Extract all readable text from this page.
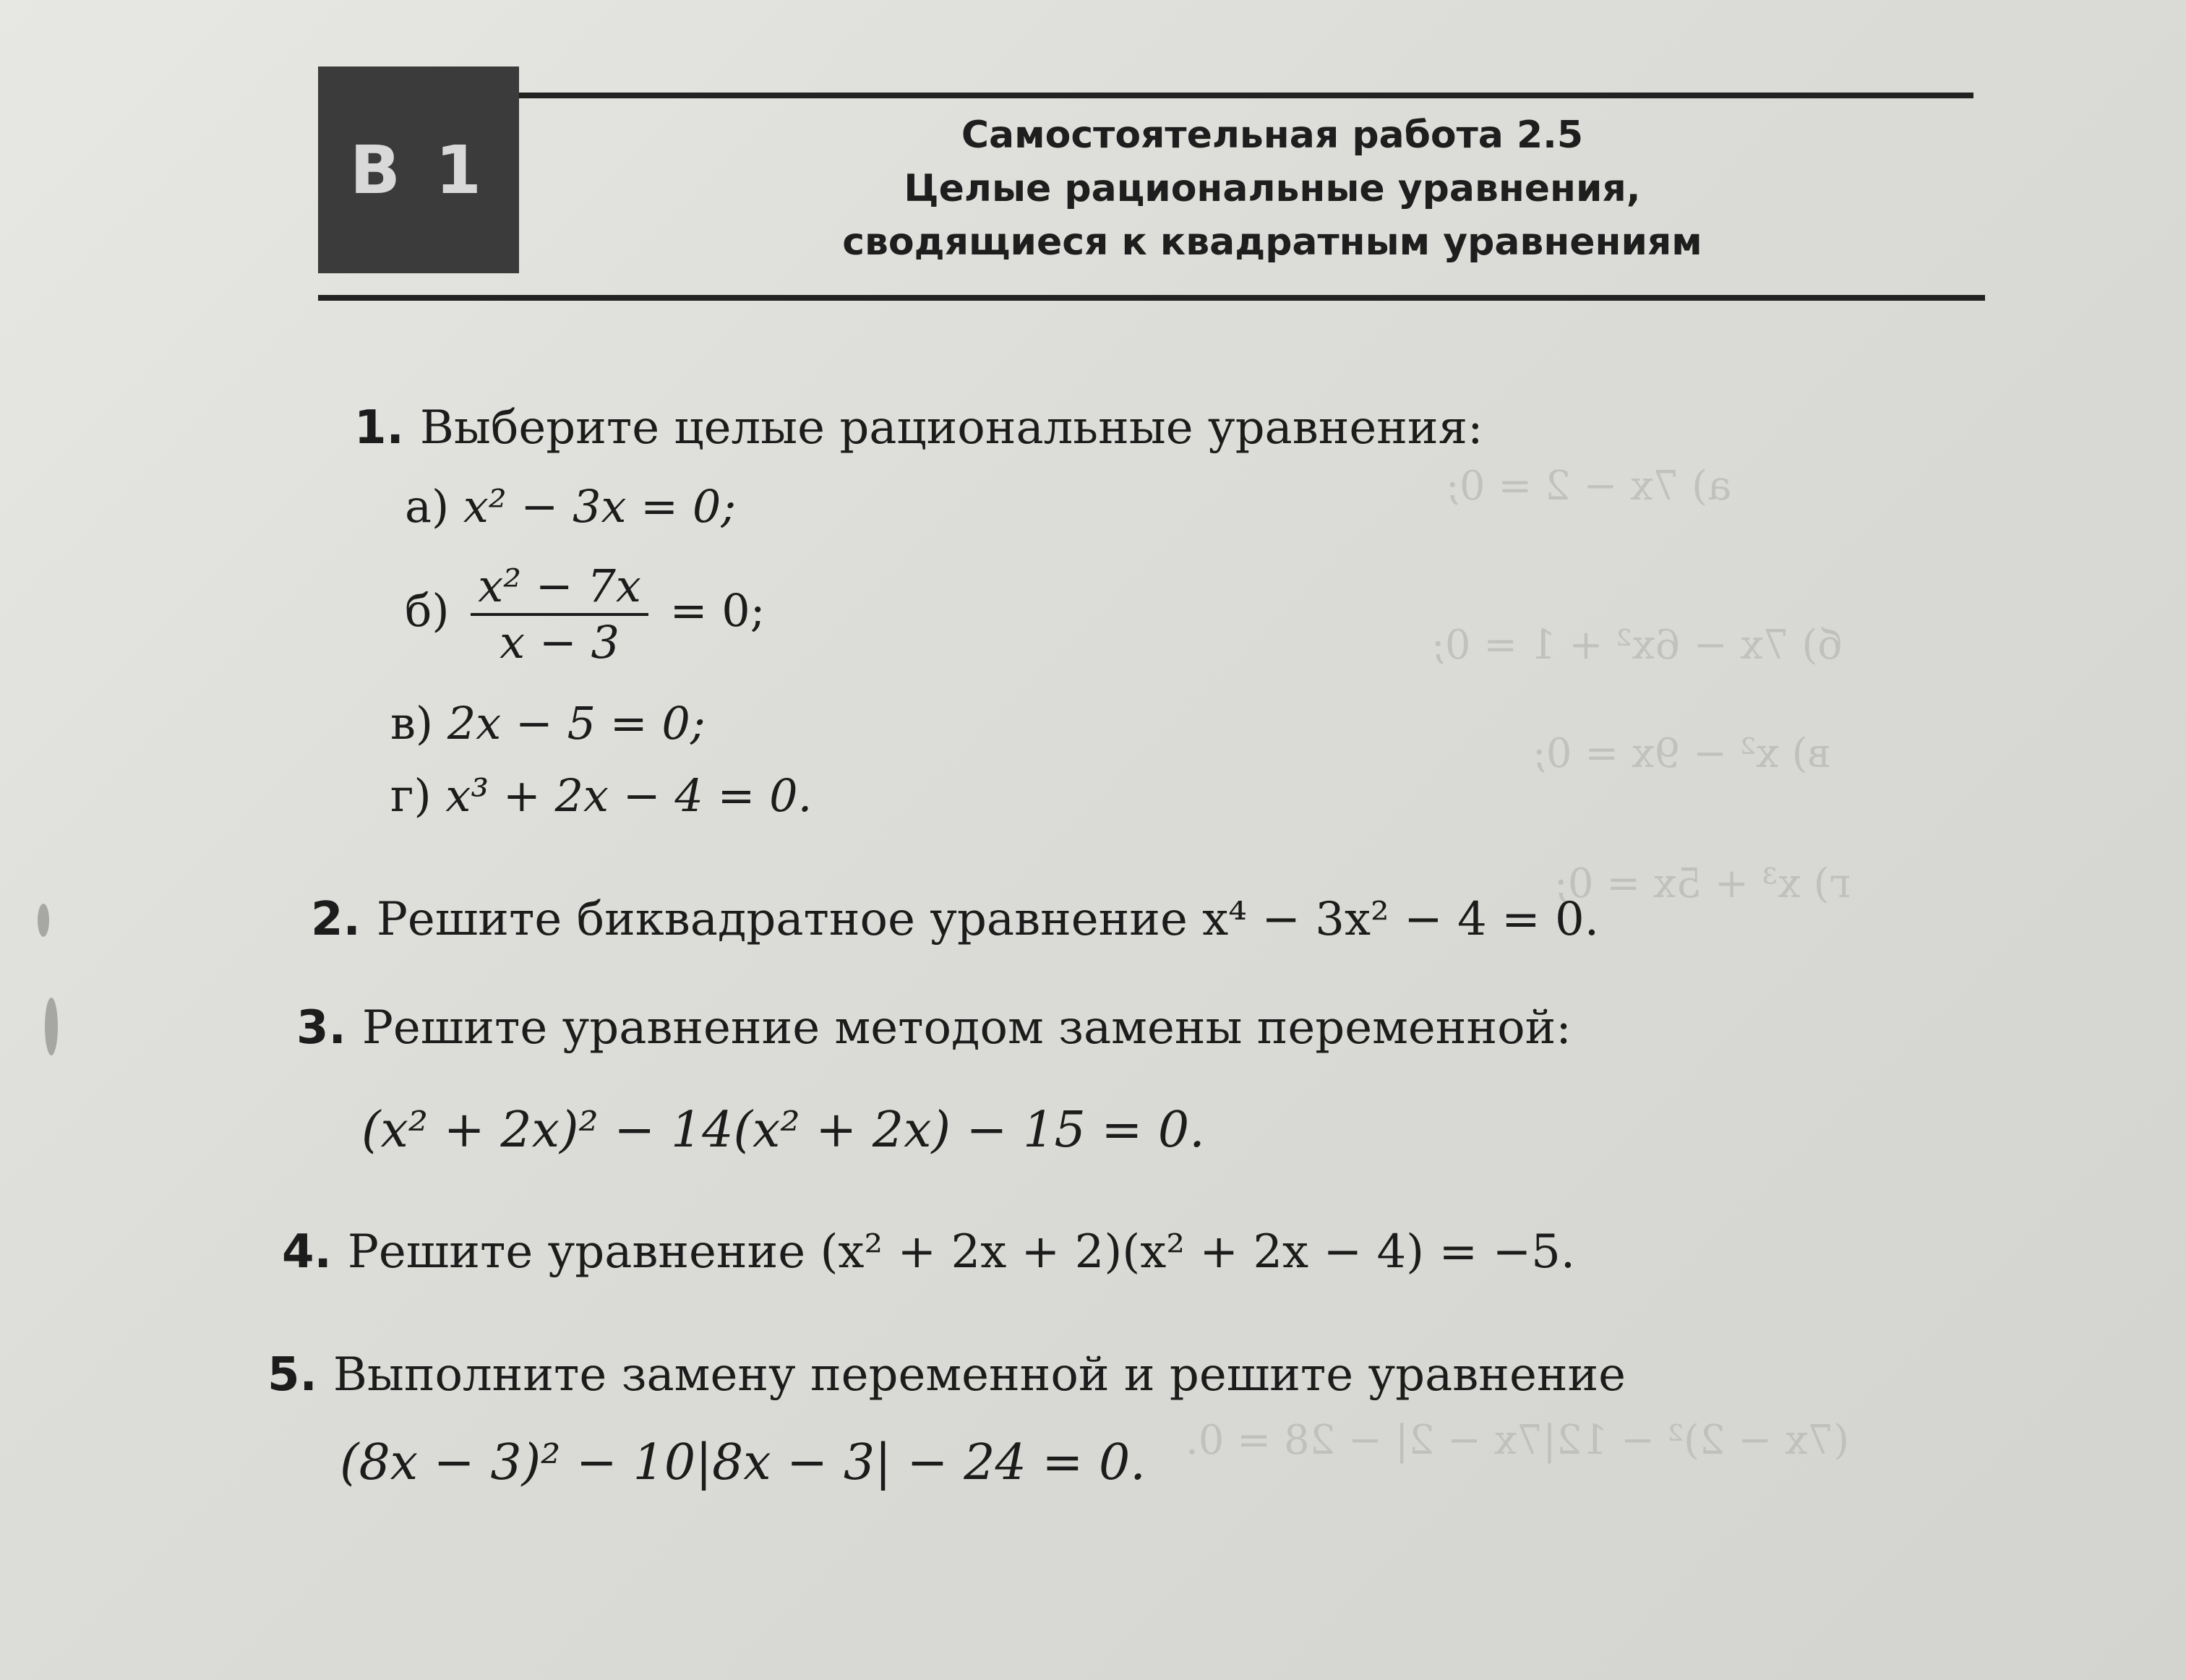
a) 7x − 2 = 0;
б) 7x − 6x² + 1 = 0;
в) x² − 9x = 0;
г) x³ + 5x = 0;
(7x − 2)² − 12|7x − 2| − 28 = 0.
В 1	Самостоятельная работа 2.5
Целые рациональные уравнения,
сводящиеся к квадратным уравнениям
1. Выберите целые рациональные уравнения:
а) x² − 3x = 0;
$б) \frac{\text{x² − 7x}}{x - 3} = 0$;
в) 2x − 5 = 0;
г) x³ + 2x − 4 = 0.
2. Решите биквадратное уравнение x⁴ − 3x² − 4 = 0.
3. Решите уравнение методом замены переменной:
(x² + 2x)² − 14(x² + 2x) − 15 = 0.
4. Решите уравнение (x² + 2x + 2)(x² + 2x − 4) = −5.
5. Выполните замену переменной и решите уравнение
(8x − 3)² − 10|8x − 3| − 24 = 0.
